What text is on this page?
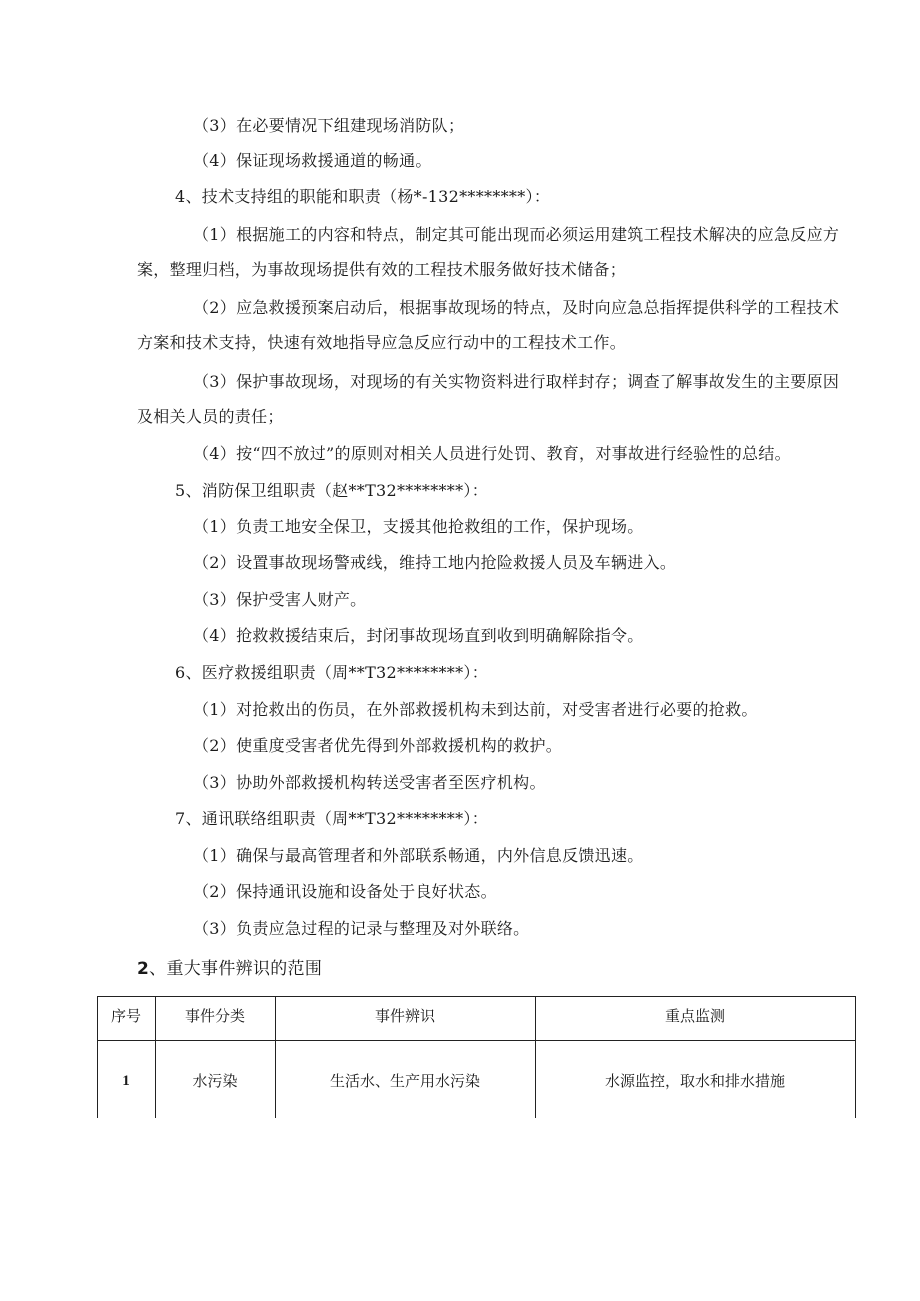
（3）在必要情况下组建现场消防队；
（4）保证现场救援通道的畅通。
4、技术支持组的职能和职责（杨*-132********）：
（1）根据施工的内容和特点，制定其可能出现而必须运用建筑工程技术解决的应急反应方
案，整理归档，为事故现场提供有效的工程技术服务做好技术储备；
（2）应急救援预案启动后，根据事故现场的特点，及时向应急总指挥提供科学的工程技术
方案和技术支持，快速有效地指导应急反应行动中的工程技术工作。
（3）保护事故现场，对现场的有关实物资料进行取样封存；调查了解事故发生的主要原因
及相关人员的责任；
（4）按“四不放过”的原则对相关人员进行处罚、教育，对事故进行经验性的总结。
5、消防保卫组职责（赵**T32********）：
（1）负责工地安全保卫，支援其他抢救组的工作，保护现场。
（2）设置事故现场警戒线，维持工地内抢险救援人员及车辆进入。
（3）保护受害人财产。
（4）抢救救援结束后，封闭事故现场直到收到明确解除指令。
6、医疗救援组职责（周**T32********）：
（1）对抢救出的伤员，在外部救援机构未到达前，对受害者进行必要的抢救。
（2）使重度受害者优先得到外部救援机构的救护。
（3）协助外部救援机构转送受害者至医疗机构。
7、通讯联络组职责（周**T32********）：
（1）确保与最高管理者和外部联系畅通，内外信息反馈迅速。
（2）保持通讯设施和设备处于良好状态。
（3）负责应急过程的记录与整理及对外联络。
2、重大事件辨识的范围
序号	事件分类	事件辨识	重点监测
1	水污染	生活水、生产用水污染	水源监控，取水和排水措施
